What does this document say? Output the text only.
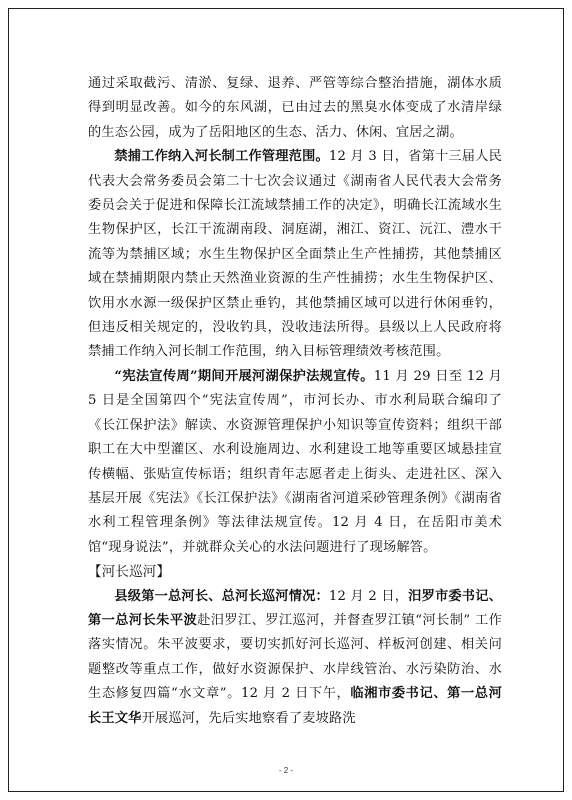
通过采取截污、清淤、复绿、退养、严管等综合整治措施，湖体水质得到明显改善。如今的东风湖，已由过去的黑臭水体变成了水清岸绿的生态公园，成为了岳阳地区的生态、活力、休闲、宜居之湖。

禁捕工作纳入河长制工作管理范围。12 月 3 日，省第十三届人民代表大会常务委员会第二十七次会议通过《湖南省人民代表大会常务委员会关于促进和保障长江流域禁捕工作的决定》，明确长江流域水生生物保护区，长江干流湖南段、洞庭湖，湘江、资江、沅江、澧水干流等为禁捕区域；水生生物保护区全面禁止生产性捕捞，其他禁捕区域在禁捕期限内禁止天然渔业资源的生产性捕捞；水生生物保护区、饮用水水源一级保护区禁止垂钓，其他禁捕区域可以进行休闲垂钓，但违反相关规定的，没收钓具，没收违法所得。县级以上人民政府将禁捕工作纳入河长制工作范围，纳入目标管理绩效考核范围。

“宪法宣传周”期间开展河湖保护法规宣传。11 月 29 日至 12 月 5 日是全国第四个“宪法宣传周”，市河长办、市水利局联合编印了《长江保护法》解读、水资源管理保护小知识等宣传资料；组织干部职工在大中型灌区、水利设施周边、水利建设工地等重要区域悬挂宣传横幅、张贴宣传标语；组织青年志愿者走上街头、走进社区、深入基层开展《宪法》《长江保护法》《湖南省河道采砂管理条例》《湖南省水利工程管理条例》等法律法规宣传。12 月 4 日，在岳阳市美术馆“现身说法”，并就群众关心的水法问题进行了现场解答。

【河长巡河】

县级第一总河长、总河长巡河情况：12 月 2 日，汨罗市委书记、第一总河长朱平波赴汨罗江、罗江巡河，并督查罗江镇“河长制” 工作落实情况。朱平波要求，要切实抓好河长巡河、样板河创建、相关问题整改等重点工作，做好水资源保护、水岸线管治、水污染防治、水生态修复四篇“水文章”。12 月 2 日下午，临湘市委书记、第一总河长王文华开展巡河，先后实地察看了麦坡路洗

- 2 -
